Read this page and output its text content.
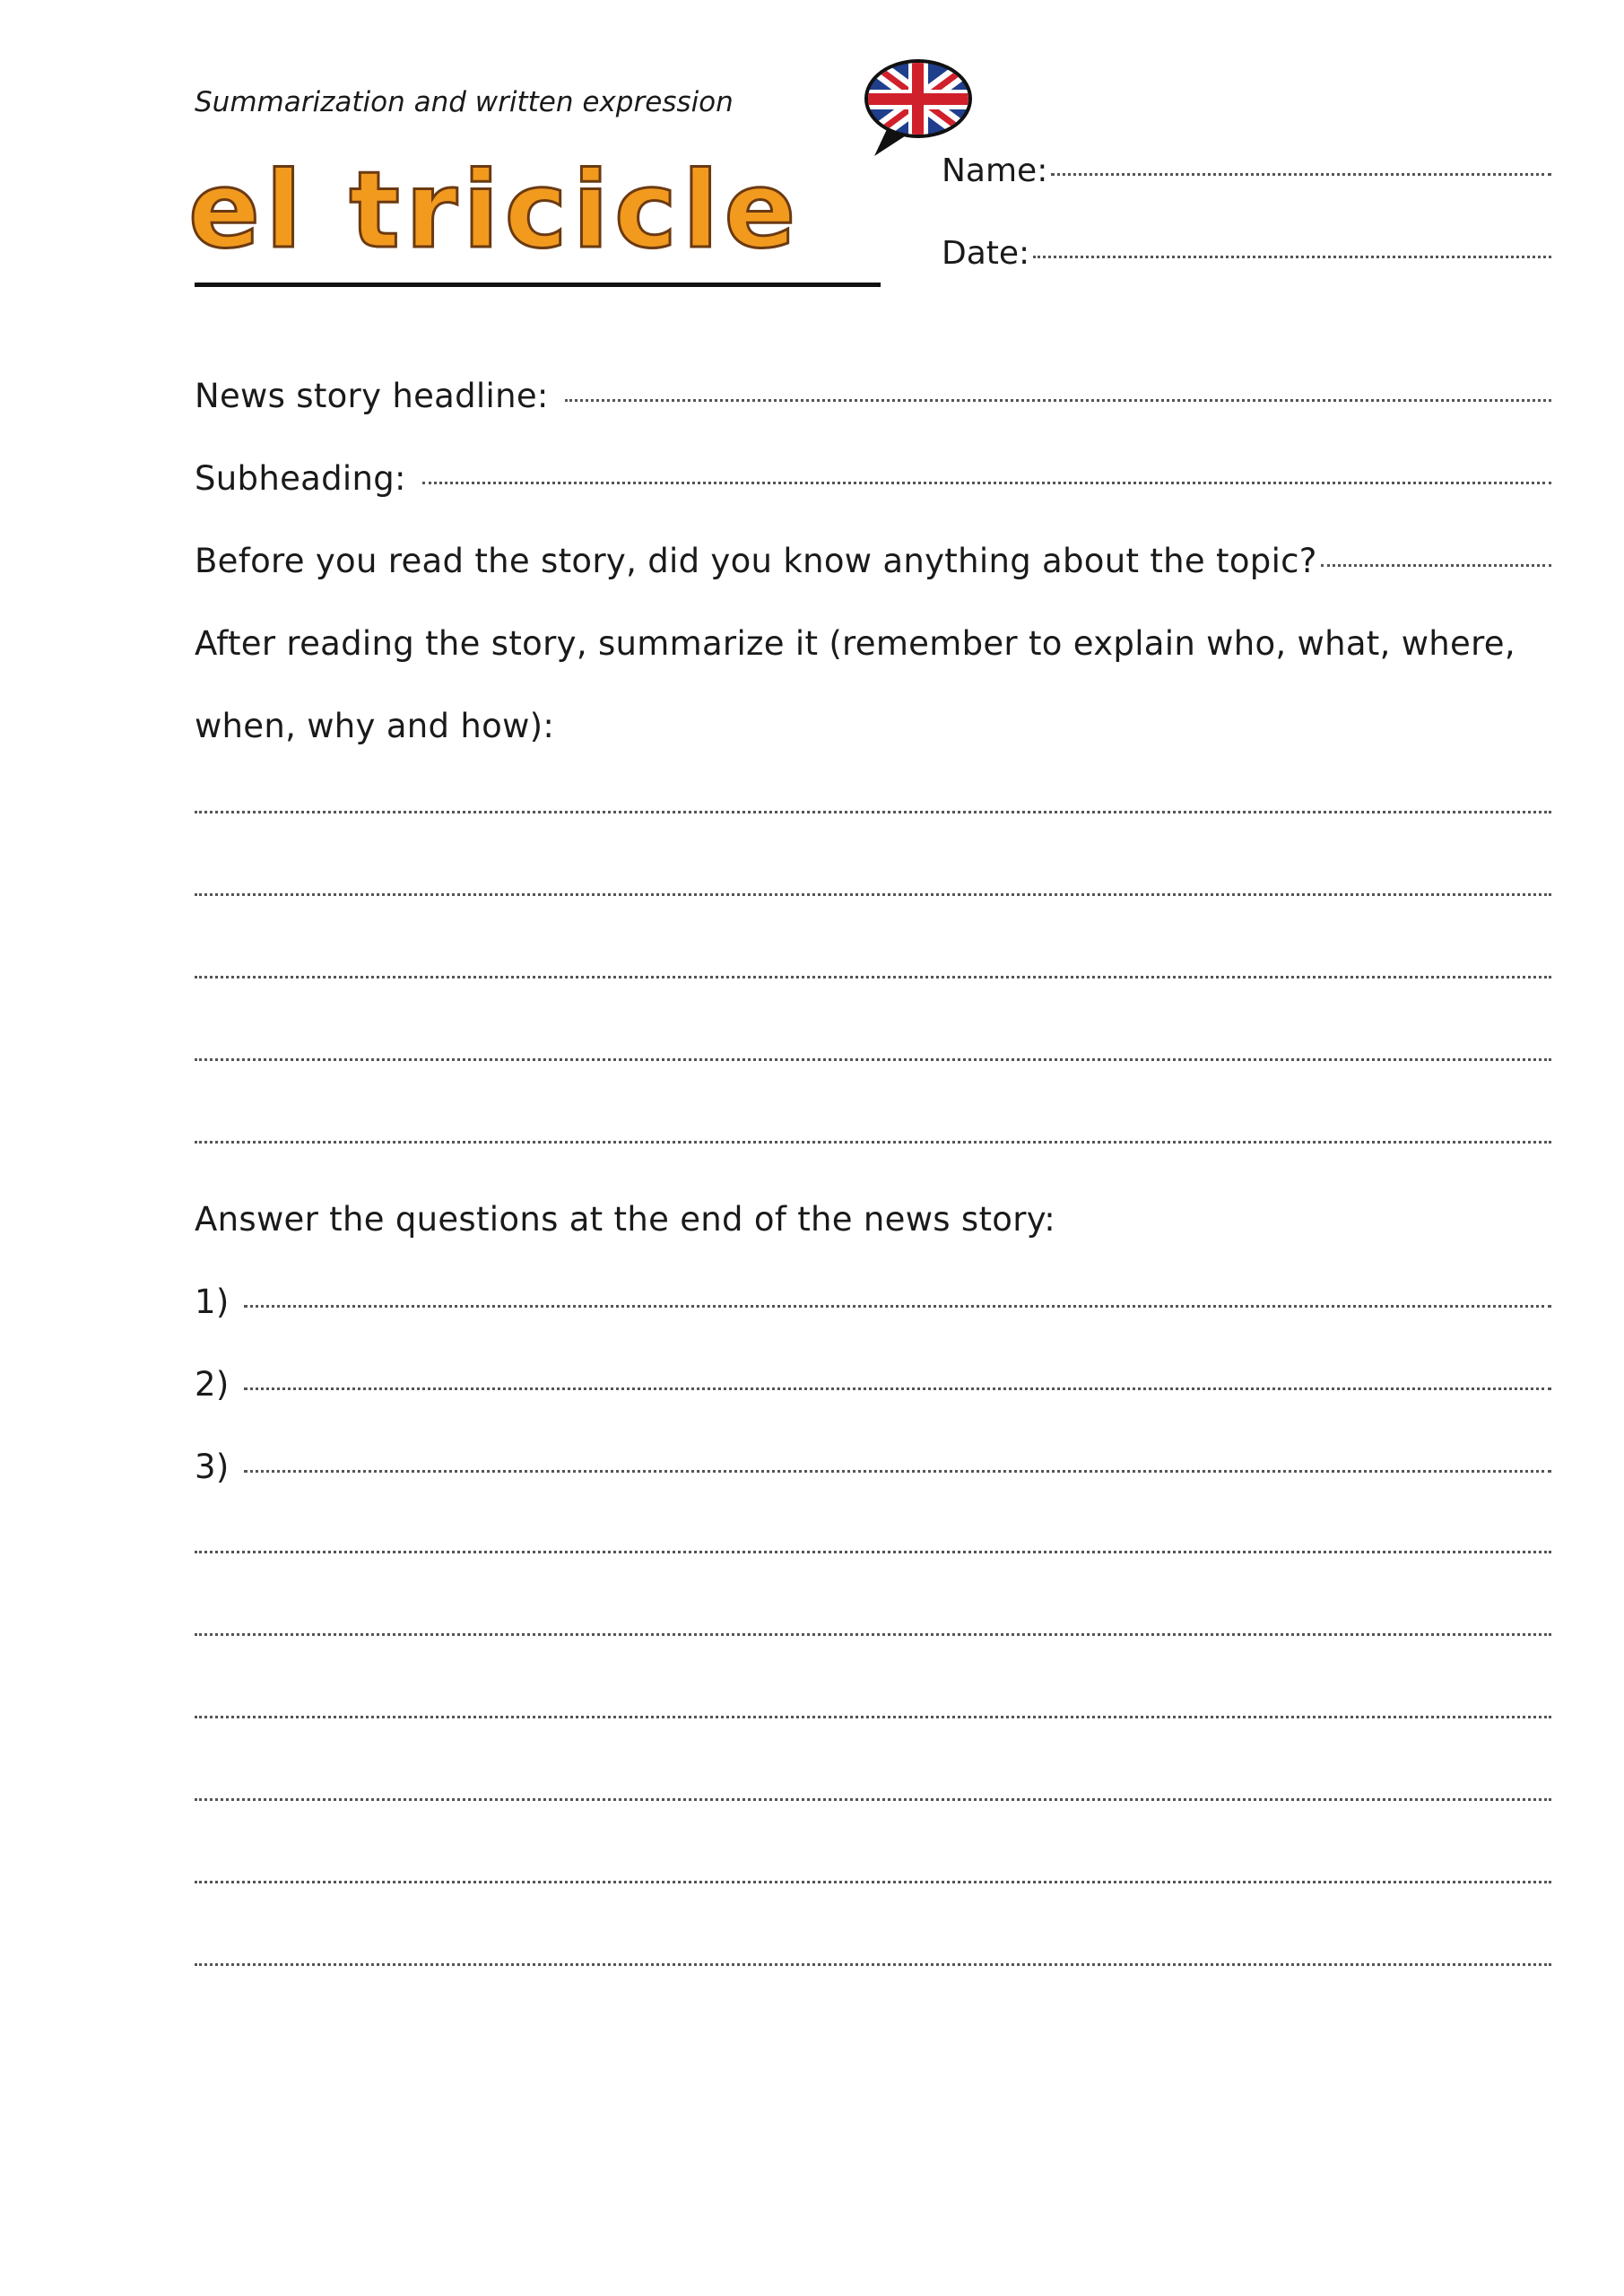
Summarization and written expression
el tricicle	Name:
Date:
News story headline:
Subheading:
Before you read the story, did you know anything about the topic?
After reading the story, summarize it (remember to explain who, what, where,
when, why and how):
Answer the questions at the end of the news story:
1)
2)
3)
